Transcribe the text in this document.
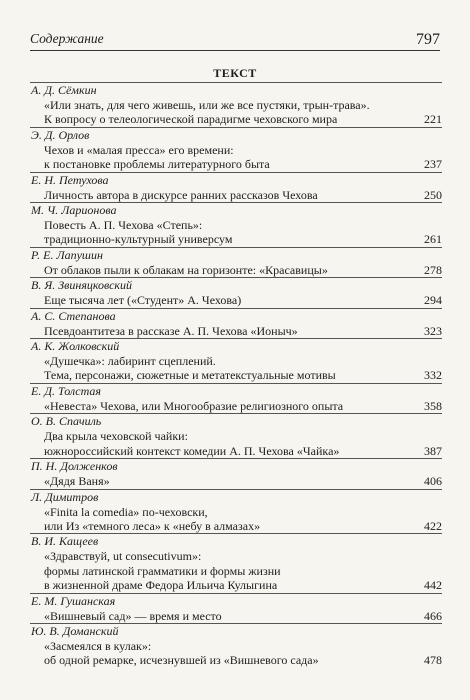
Содержание	797
ТЕКСТ
А. Д. Сёмкин
«Или знать, для чего живешь, или же все пустяки, трын-трава».
К вопросу о телеологической парадигме чеховского мира	221
Э. Д. Орлов
Чехов и «малая пресса» его времени:
к постановке проблемы литературного быта	237
Е. Н. Петухова
Личность автора в дискурсе ранних рассказов Чехова	250
М. Ч. Ларионова
Повесть А. П. Чехова «Степь»:
традиционно-культурный универсум	261
Р. Е. Лапушин
От облаков пыли к облакам на горизонте: «Красавицы»	278
В. Я. Звиняцковский
Еще тысяча лет («Студент» А. Чехова)	294
А. С. Степанова
Псевдоантитеза в рассказе А. П. Чехова «Ионыч»	323
А. К. Жолковский
«Душечка»: лабиринт сцеплений.
Тема, персонажи, сюжетные и метатекстуальные мотивы	332
Е. Д. Толстая
«Невеста» Чехова, или Многообразие религиозного опыта	358
О. В. Спачиль
Два крыла чеховской чайки:
южнороссийский контекст комедии А. П. Чехова «Чайка»	387
П. Н. Долженков
«Дядя Ваня»	406
Л. Димитров
«Finita la comedia» по-чеховски,
или Из «темного леса» к «небу в алмазах»	422
В. И. Кащеев
«Здравствуй, ut consecutivum»:
формы латинской грамматики и формы жизни
в жизненной драме Федора Ильича Кулыгина	442
Е. М. Гушанская
«Вишневый сад» — время и место	466
Ю. В. Доманский
«Засмеялся в кулак»:
об одной ремарке, исчезнувшей из «Вишневого сада»	478
